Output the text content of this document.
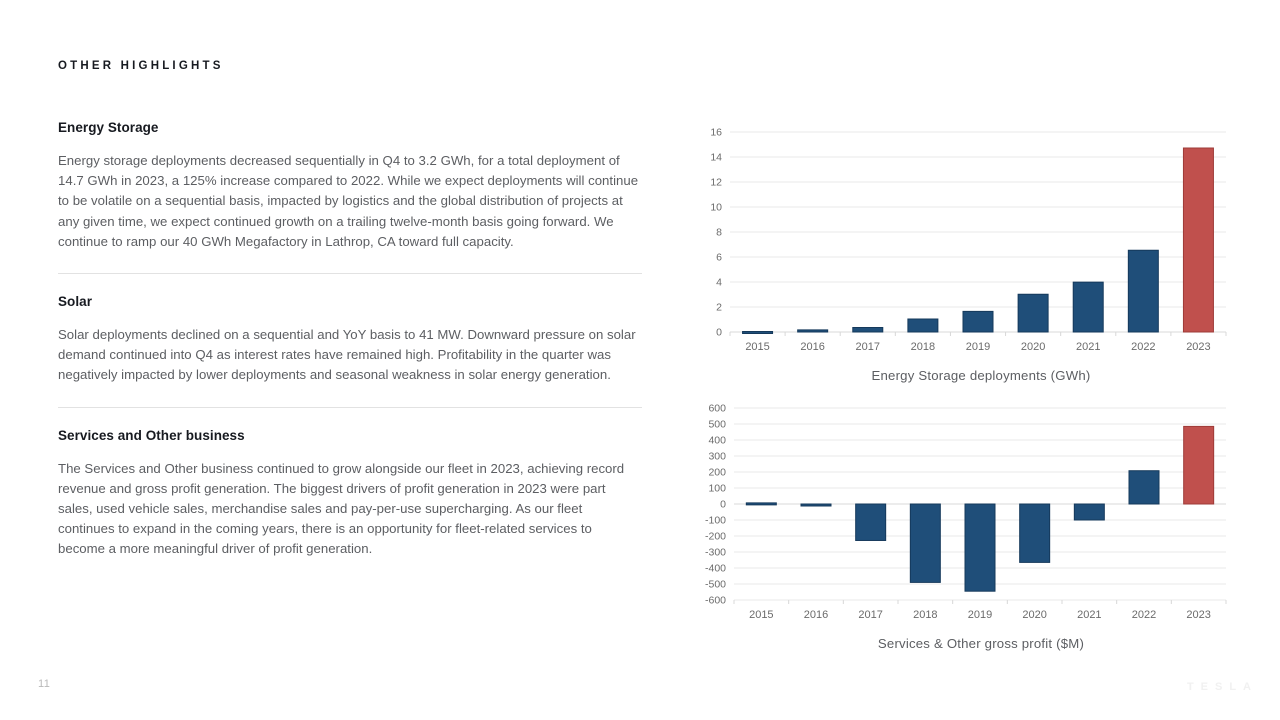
OTHER HIGHLIGHTS
Energy Storage

Energy storage deployments decreased sequentially in Q4 to 3.2 GWh, for a total deployment of 14.7 GWh in 2023, a 125% increase compared to 2022. While we expect deployments will continue to be volatile on a sequential basis, impacted by logistics and the global distribution of projects at any given time, we expect continued growth on a trailing twelve-month basis going forward. We continue to ramp our 40 GWh Megafactory in Lathrop, CA toward full capacity.

Solar

Solar deployments declined on a sequential and YoY basis to 41 MW. Downward pressure on solar demand continued into Q4 as interest rates have remained high. Profitability in the quarter was negatively impacted by lower deployments and seasonal weakness in solar energy generation.

Services and Other business

The Services and Other business continued to grow alongside our fleet in 2023, achieving record revenue and gross profit generation. The biggest drivers of profit generation in 2023 were part sales, used vehicle sales, merchandise sales and pay-per-use supercharging. As our fleet continues to expand in the coming years, there is an opportunity for fleet-related services to become a more meaningful driver of profit generation.

0
2
4
6
8
10
12
14
16
2015	2016	2017	2018	2019	2020	2021	2022	2023
Energy Storage deployments (GWh)
600
500
400
300
200
100
0
-100
-200
-300
-400
-500
-600
2015	2016	2017	2018	2019	2020	2021	2022	2023
Services & Other gross profit ($M)
11	TESLA
